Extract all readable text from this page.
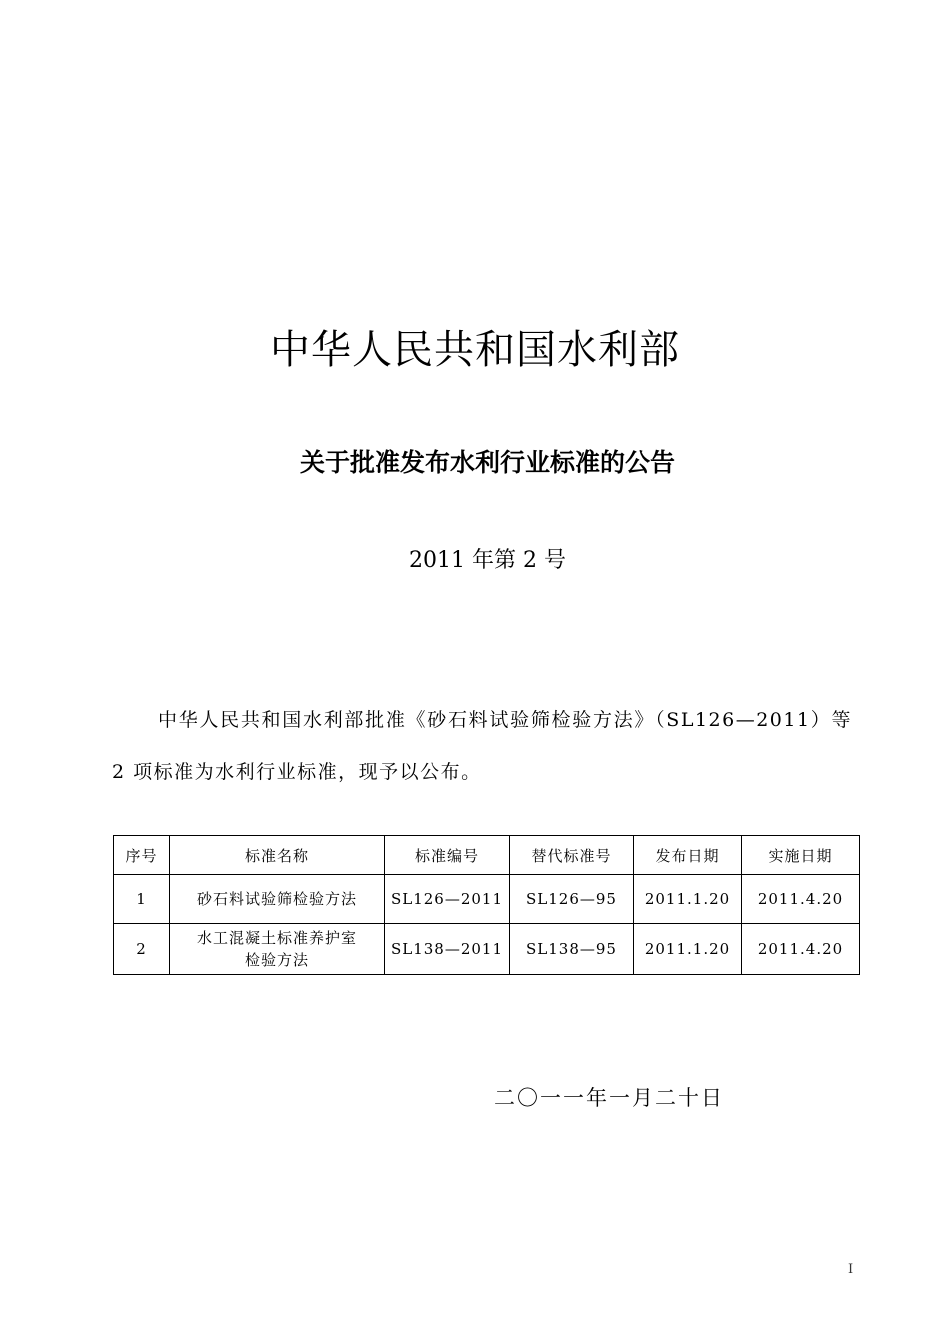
中华人民共和国水利部
关于批准发布水利行业标准的公告
2011 年第 2 号

中华人民共和国水利部批准《砂石料试验筛检验方法》（SL126—2011）等 2 项标准为水利行业标准，现予以公布。

序号	标准名称	标准编号	替代标准号	发布日期	实施日期
1	砂石料试验筛检验方法	SL126—2011	SL126—95	2011.1.20	2011.4.20
2	水工混凝土标准养护室
检验方法	SL138—2011	SL138—95	2011.1.20	2011.4.20
二〇一一年一月二十日
I
